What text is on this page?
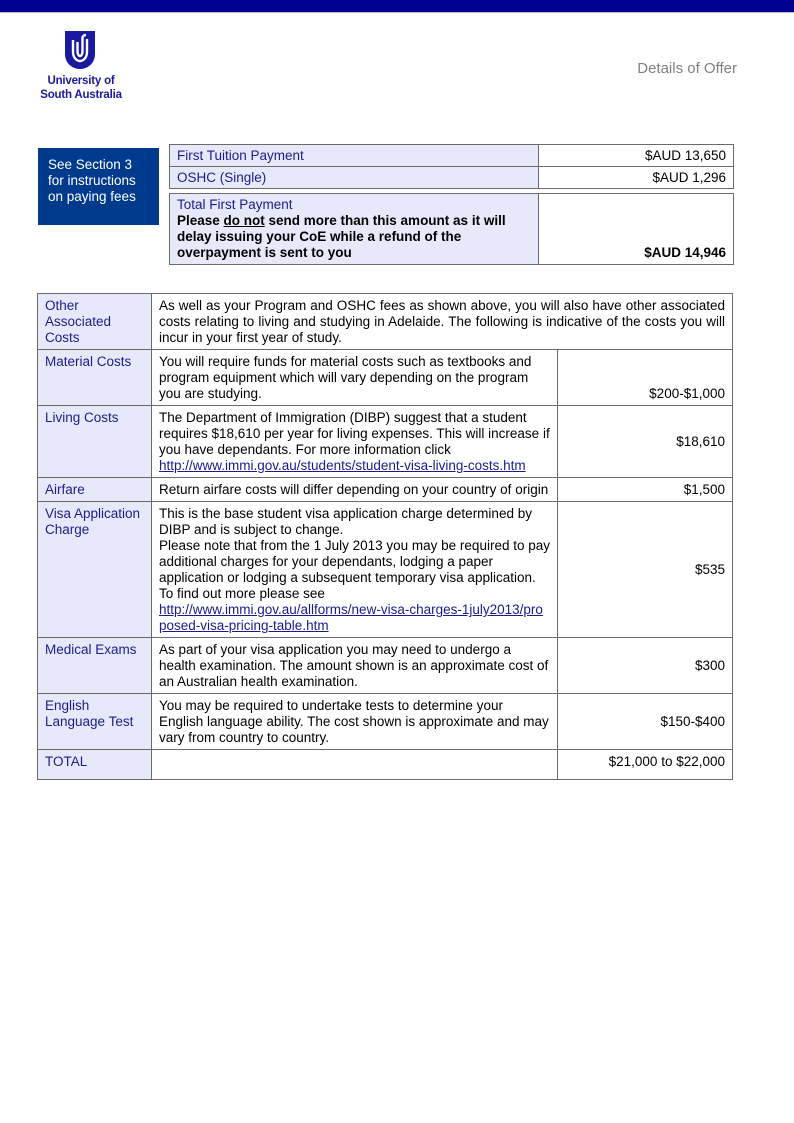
University of
South Australia
Details of Offer
See Section 3
for instructions
on paying fees
First Tuition Payment	$AUD 13,650
OSHC (Single)	$AUD 1,296

Total First Payment
Please do not send more than this amount as it will delay issuing your CoE while a refund of the overpayment is sent to you	$AUD 14,946
Other Associated Costs	As well as your Program and OSHC fees as shown above, you will also have other associated costs relating to living and studying in Adelaide. The following is indicative of the costs you will incur in your first year of study.	
Material Costs	You will require funds for material costs such as textbooks and program equipment which will vary depending on the program you are studying.	$200-$1,000
Living Costs	The Department of Immigration (DIBP) suggest that a student requires $18,610 per year for living expenses. This will increase if you have dependants. For more information click
http://www.immi.gov.au/students/student-visa-living-costs.htm	$18,610
Airfare	Return airfare costs will differ depending on your country of origin	$1,500
Visa Application Charge	This is the base student visa application charge determined by DIBP and is subject to change.
Please note that from the 1 July 2013 you may be required to pay additional charges for your dependants, lodging a paper application or lodging a subsequent temporary visa application. To find out more please see
http://www.immi.gov.au/allforms/new-visa-charges-1july2013/proposed-visa-pricing-table.htm	$535
Medical Exams	As part of your visa application you may need to undergo a health examination. The amount shown is an approximate cost of an Australian health examination.	$300
English Language Test	You may be required to undertake tests to determine your English language ability. The cost shown is approximate and may vary from country to country.	$150-$400
TOTAL		$21,000 to $22,000
